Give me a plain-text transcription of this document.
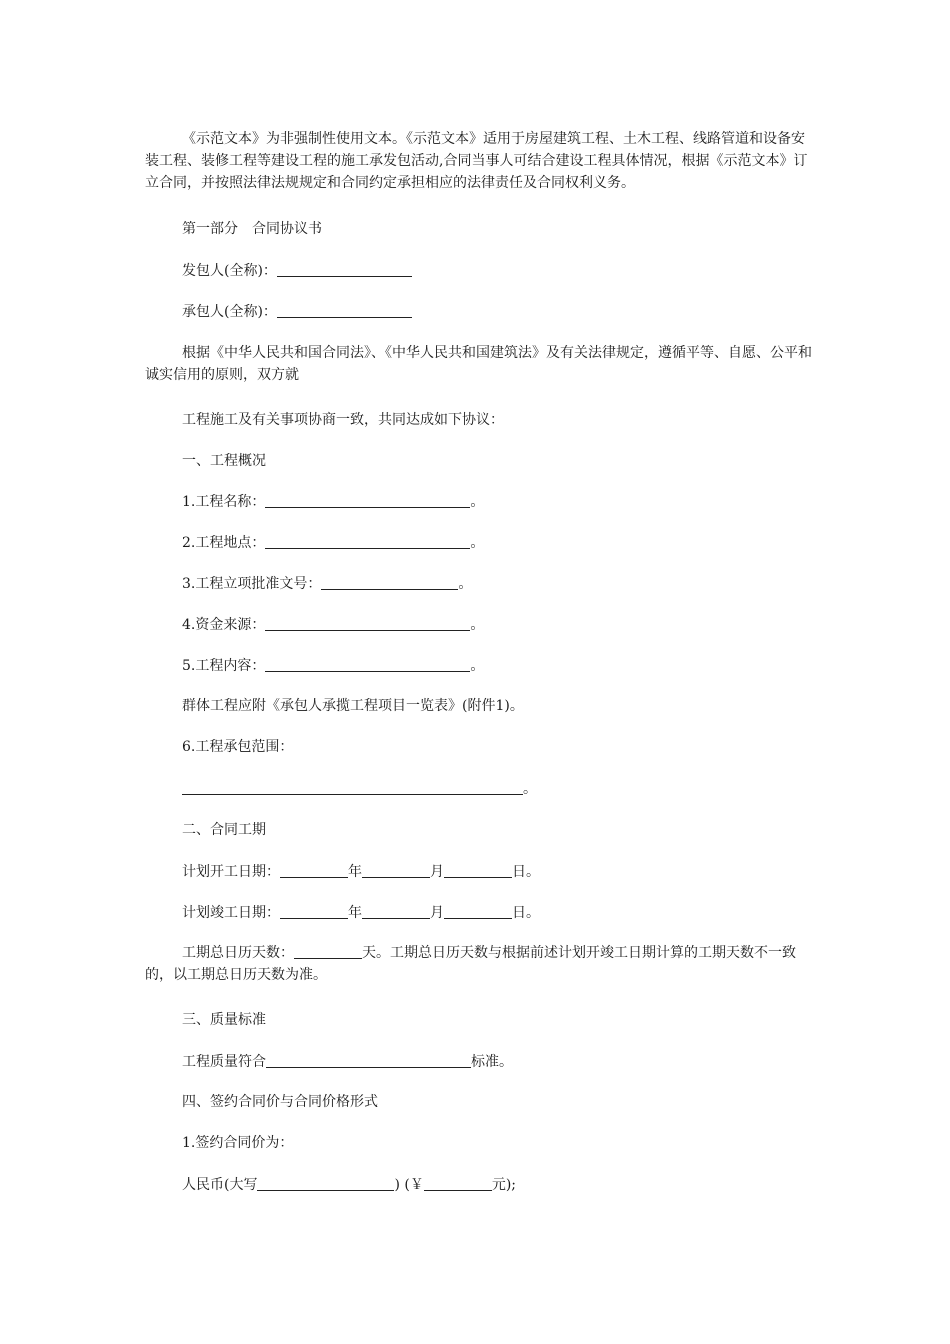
《示范文本》为非强制性使用文本。《示范文本》适用于房屋建筑工程、土木工程、线路管道和设备安装工程、装修工程等建设工程的施工承发包活动,合同当事人可结合建设工程具体情况，根据《示范文本》订立合同，并按照法律法规规定和合同约定承担相应的法律责任及合同权利义务。
第一部分　合同协议书
发包人(全称)：
承包人(全称)：
根据《中华人民共和国合同法》、《中华人民共和国建筑法》及有关法律规定，遵循平等、自愿、公平和诚实信用的原则，双方就
工程施工及有关事项协商一致，共同达成如下协议：
一、工程概况
1.工程名称：	。
2.工程地点：	。
3.工程立项批准文号：	。
4.资金来源：	。
5.工程内容：	。
群体工程应附《承包人承揽工程项目一览表》(附件1)。
6.工程承包范围：
。
二、合同工期
计划开工日期：	年	月	日。
计划竣工日期：	年	月	日。
工期总日历天数：	天。工期总日历天数与根据前述计划开竣工日期计算的工期天数不一致的，以工期总日历天数为准。
三、质量标准
工程质量符合	标准。
四、签约合同价与合同价格形式
1.签约合同价为：
人民币(大写	) (￥	元);
